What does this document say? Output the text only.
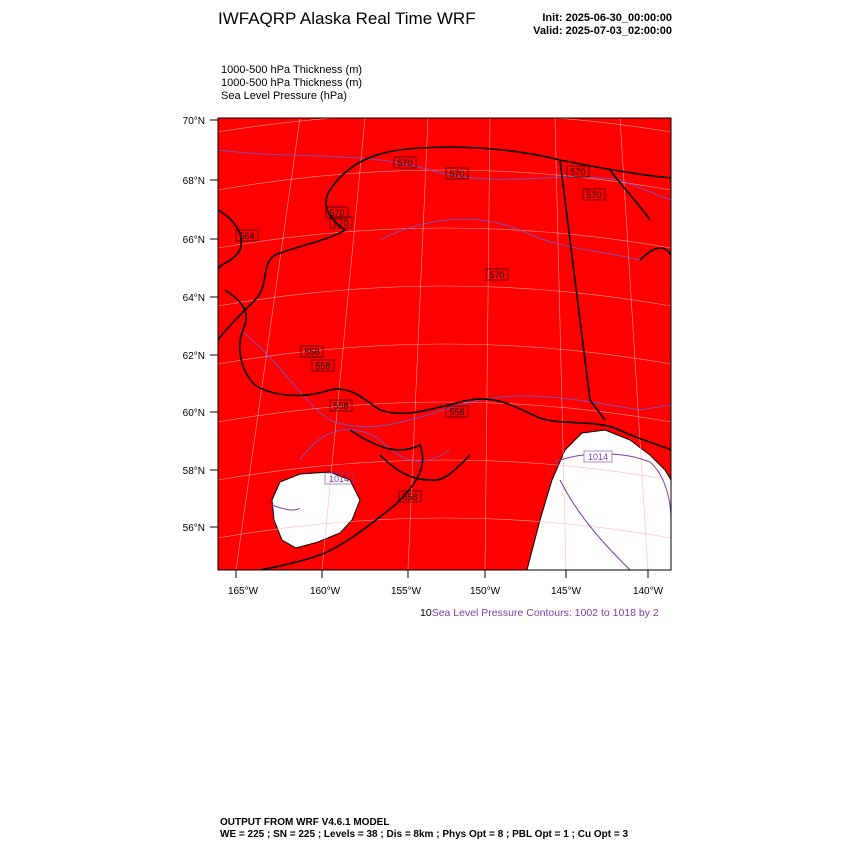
IWFAQRP Alaska Real Time WRF	Init: 2025-06-30_00:00:00
Valid: 2025-07-03_02:00:00
1000-500 hPa Thickness (m)
1000-500 hPa Thickness (m)
Sea Level Pressure (hPa)
70°N
68°N
66°N
64°N
62°N
60°N
58°N
56°N
165°W	160°W	155°W	150°W	145°W	140°W
570
570	570
570
570
570
558
558
558
558
558
570
564
1014
1014
10Sea Level Pressure Contours: 1002 to 1018 by 2
OUTPUT FROM WRF V4.6.1 MODEL
WE = 225 ; SN = 225 ; Levels = 38 ; Dis = 8km ; Phys Opt = 8 ; PBL Opt = 1 ; Cu Opt = 3
